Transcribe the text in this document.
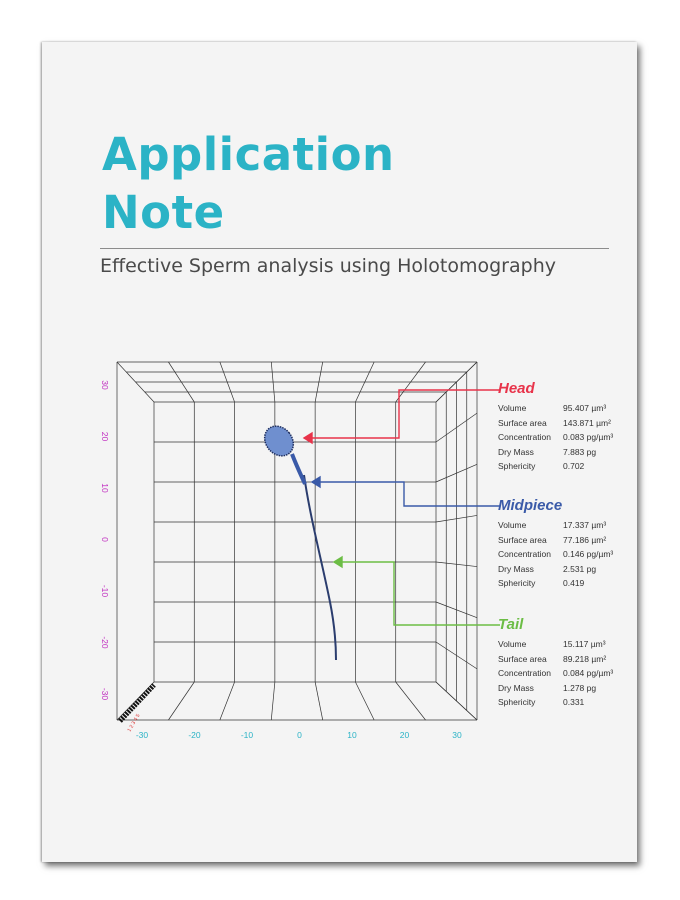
Application
Note
Effective Sperm analysis using Holotomography
-30	-20	-10	0	10	20	30
30
20
10
0
-10
-20
-30
1 2 3 4 5
Head
Volume	95.407 µm³
Surface area	143.871 µm²
Concentration	0.083 pg/µm³
Dry Mass	7.883 pg
Sphericity	0.702
Midpiece
Volume	17.337 µm³
Surface area	77.186 µm²
Concentration	0.146 pg/µm³
Dry Mass	2.531 pg
Sphericity	0.419
Tail
Volume	15.117 µm³
Surface area	89.218 µm²
Concentration	0.084 pg/µm³
Dry Mass	1.278 pg
Sphericity	0.331
